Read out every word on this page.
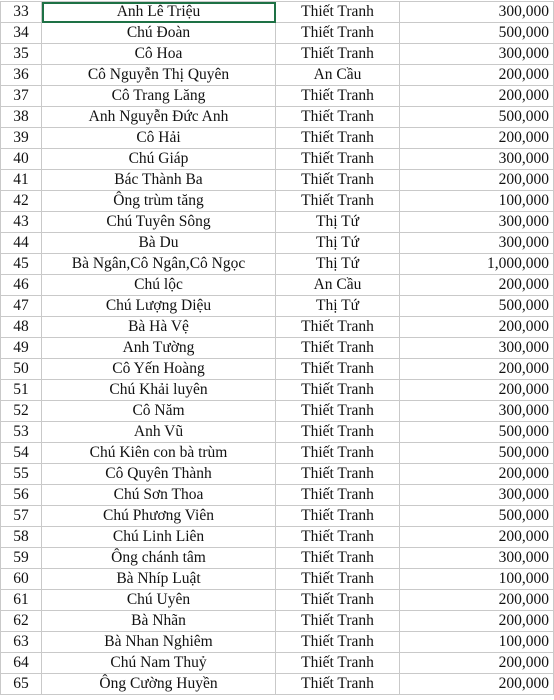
33	Anh Lê Triệu	Thiết Tranh	300,000
34	Chú Đoàn	Thiết Tranh	500,000
35	Cô Hoa	Thiết Tranh	300,000
36	Cô Nguyễn Thị Quyên	An Cầu	200,000
37	Cô Trang Lăng	Thiết Tranh	200,000
38	Anh Nguyễn Đức Anh	Thiết Tranh	500,000
39	Cô Hải	Thiết Tranh	200,000
40	Chú Giáp	Thiết Tranh	300,000
41	Bác Thành Ba	Thiết Tranh	200,000
42	Ông trùm tăng	Thiết Tranh	100,000
43	Chú Tuyên Sông	Thị Tứ	300,000
44	Bà Du	Thị Tứ	300,000
45	Bà Ngân,Cô Ngân,Cô Ngọc	Thị Tứ	1,000,000
46	Chú lộc	An Cầu	200,000
47	Chú Lượng Diệu	Thị Tứ	500,000
48	Bà Hà Vệ	Thiết Tranh	200,000
49	Anh Tường	Thiết Tranh	300,000
50	Cô Yến Hoàng	Thiết Tranh	200,000
51	Chú Khải luyên	Thiết Tranh	200,000
52	Cô Năm	Thiết Tranh	300,000
53	Anh Vũ	Thiết Tranh	500,000
54	Chú Kiên con bà trùm	Thiết Tranh	500,000
55	Cô Quyên Thành	Thiết Tranh	200,000
56	Chú Sơn Thoa	Thiết Tranh	300,000
57	Chú Phương Viên	Thiết Tranh	500,000
58	Chú Linh Liên	Thiết Tranh	200,000
59	Ông chánh tâm	Thiết Tranh	300,000
60	Bà Nhíp Luật	Thiết Tranh	100,000
61	Chú Uyên	Thiết Tranh	200,000
62	Bà Nhãn	Thiết Tranh	200,000
63	Bà Nhan Nghiêm	Thiết Tranh	100,000
64	Chú Nam Thuỷ	Thiết Tranh	200,000
65	Ông Cường Huyền	Thiết Tranh	200,000
